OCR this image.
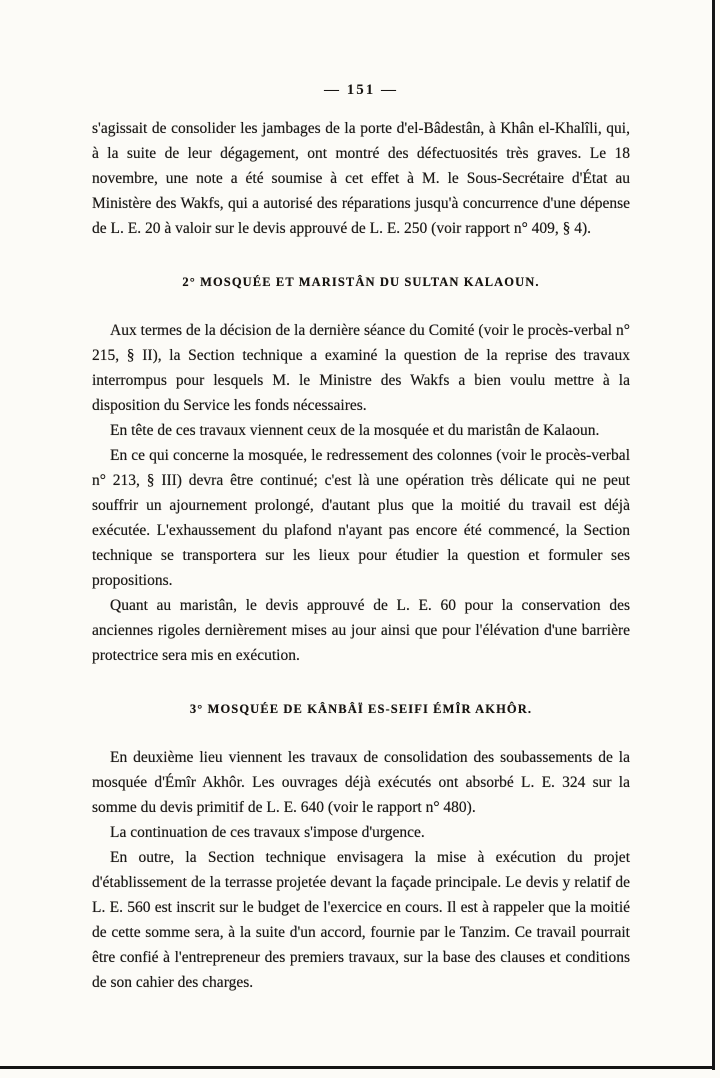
— 151 —

s'agissait de consolider les jambages de la porte d'el-Bâdestân, à Khân el-Khalîli, qui, à la suite de leur dégagement, ont montré des défectuosités très graves. Le 18 novembre, une note a été soumise à cet effet à M. le Sous-Secrétaire d'État au Ministère des Wakfs, qui a autorisé des réparations jusqu'à concurrence d'une dépense de L. E. 20 à valoir sur le devis approuvé de L. E. 250 (voir rapport n° 409, § 4).

2° MOSQUÉE ET MARISTÂN DU SULTAN KALAOUN.

Aux termes de la décision de la dernière séance du Comité (voir le procès-verbal n° 215, § II), la Section technique a examiné la question de la reprise des travaux interrompus pour lesquels M. le Ministre des Wakfs a bien voulu mettre à la disposition du Service les fonds nécessaires.

En tête de ces travaux viennent ceux de la mosquée et du maristân de Kalaoun.

En ce qui concerne la mosquée, le redressement des colonnes (voir le procès-verbal n° 213, § III) devra être continué; c'est là une opération très délicate qui ne peut souffrir un ajournement prolongé, d'autant plus que la moitié du travail est déjà exécutée. L'exhaussement du plafond n'ayant pas encore été commencé, la Section technique se transportera sur les lieux pour étudier la question et formuler ses propositions.

Quant au maristân, le devis approuvé de L. E. 60 pour la conservation des anciennes rigoles dernièrement mises au jour ainsi que pour l'élévation d'une barrière protectrice sera mis en exécution.

3° MOSQUÉE DE KÂNBÂÏ ES-SEIFI ÉMÎR AKHÔR.

En deuxième lieu viennent les travaux de consolidation des soubassements de la mosquée d'Émîr Akhôr. Les ouvrages déjà exécutés ont absorbé L. E. 324 sur la somme du devis primitif de L. E. 640 (voir le rapport n° 480).

La continuation de ces travaux s'impose d'urgence.

En outre, la Section technique envisagera la mise à exécution du projet d'établissement de la terrasse projetée devant la façade principale. Le devis y relatif de L. E. 560 est inscrit sur le budget de l'exercice en cours. Il est à rappeler que la moitié de cette somme sera, à la suite d'un accord, fournie par le Tanzim. Ce travail pourrait être confié à l'entrepreneur des premiers travaux, sur la base des clauses et conditions de son cahier des charges.
